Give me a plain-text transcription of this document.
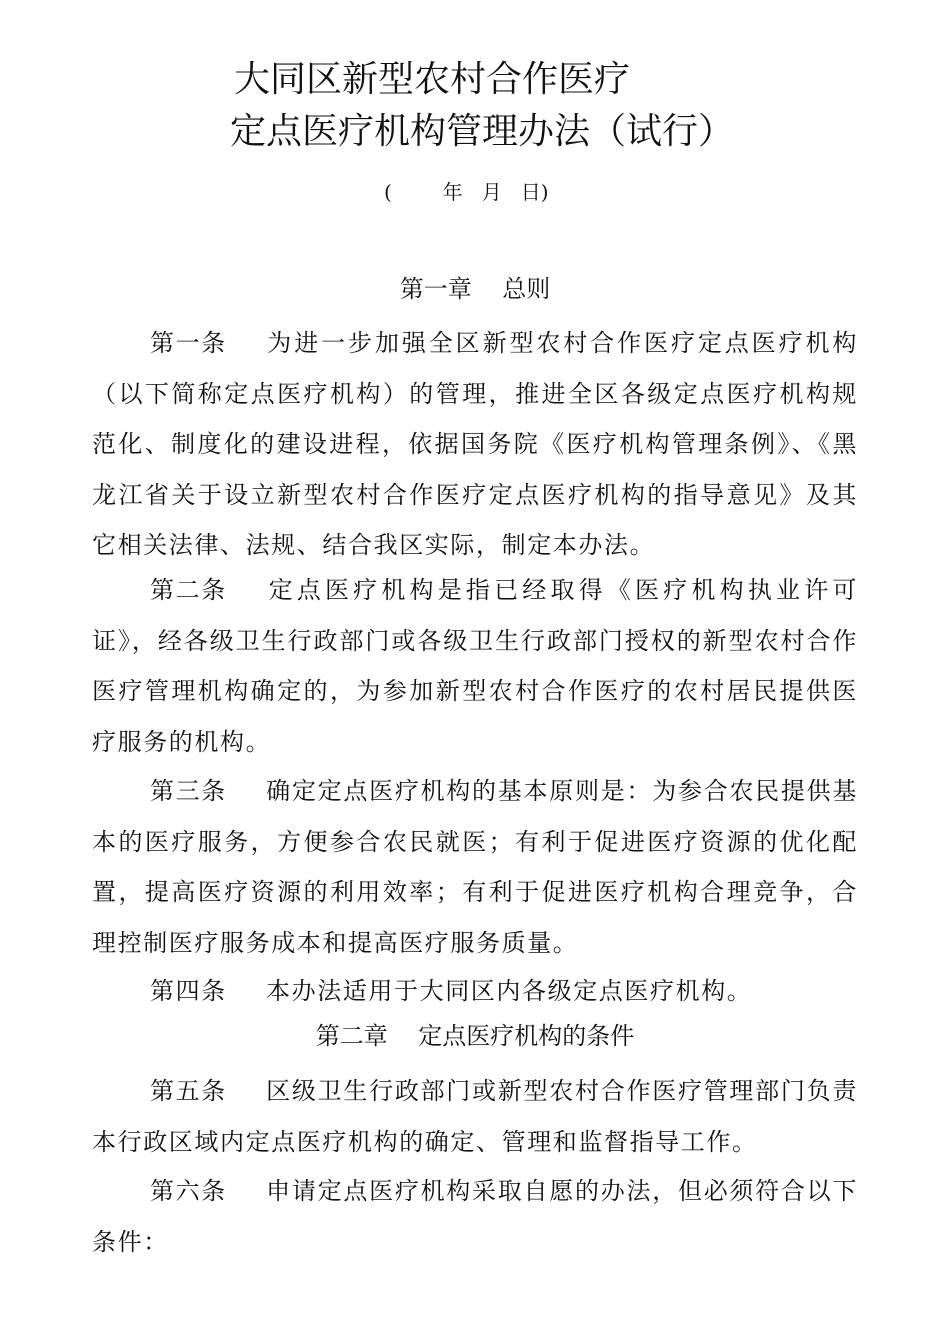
大同区新型农村合作医疗
定点医疗机构管理办法（试行）
(        年   月   日)
第一章    总则

第一条 为进一步加强全区新型农村合作医疗定点医疗机构（以下简称定点医疗机构）的管理，推进全区各级定点医疗机构规范化、制度化的建设进程，依据国务院《医疗机构管理条例》、《黑龙江省关于设立新型农村合作医疗定点医疗机构的指导意见》及其它相关法律、法规、结合我区实际，制定本办法。

第二条 定点医疗机构是指已经取得《医疗机构执业许可证》，经各级卫生行政部门或各级卫生行政部门授权的新型农村合作医疗管理机构确定的，为参加新型农村合作医疗的农村居民提供医疗服务的机构。

第三条 确定定点医疗机构的基本原则是：为参合农民提供基本的医疗服务，方便参合农民就医；有利于促进医疗资源的优化配置，提高医疗资源的利用效率；有利于促进医疗机构合理竞争，合理控制医疗服务成本和提高医疗服务质量。

第四条 本办法适用于大同区内各级定点医疗机构。

第二章    定点医疗机构的条件

第五条 区级卫生行政部门或新型农村合作医疗管理部门负责本行政区域内定点医疗机构的确定、管理和监督指导工作。

第六条 申请定点医疗机构采取自愿的办法，但必须符合以下条件：
